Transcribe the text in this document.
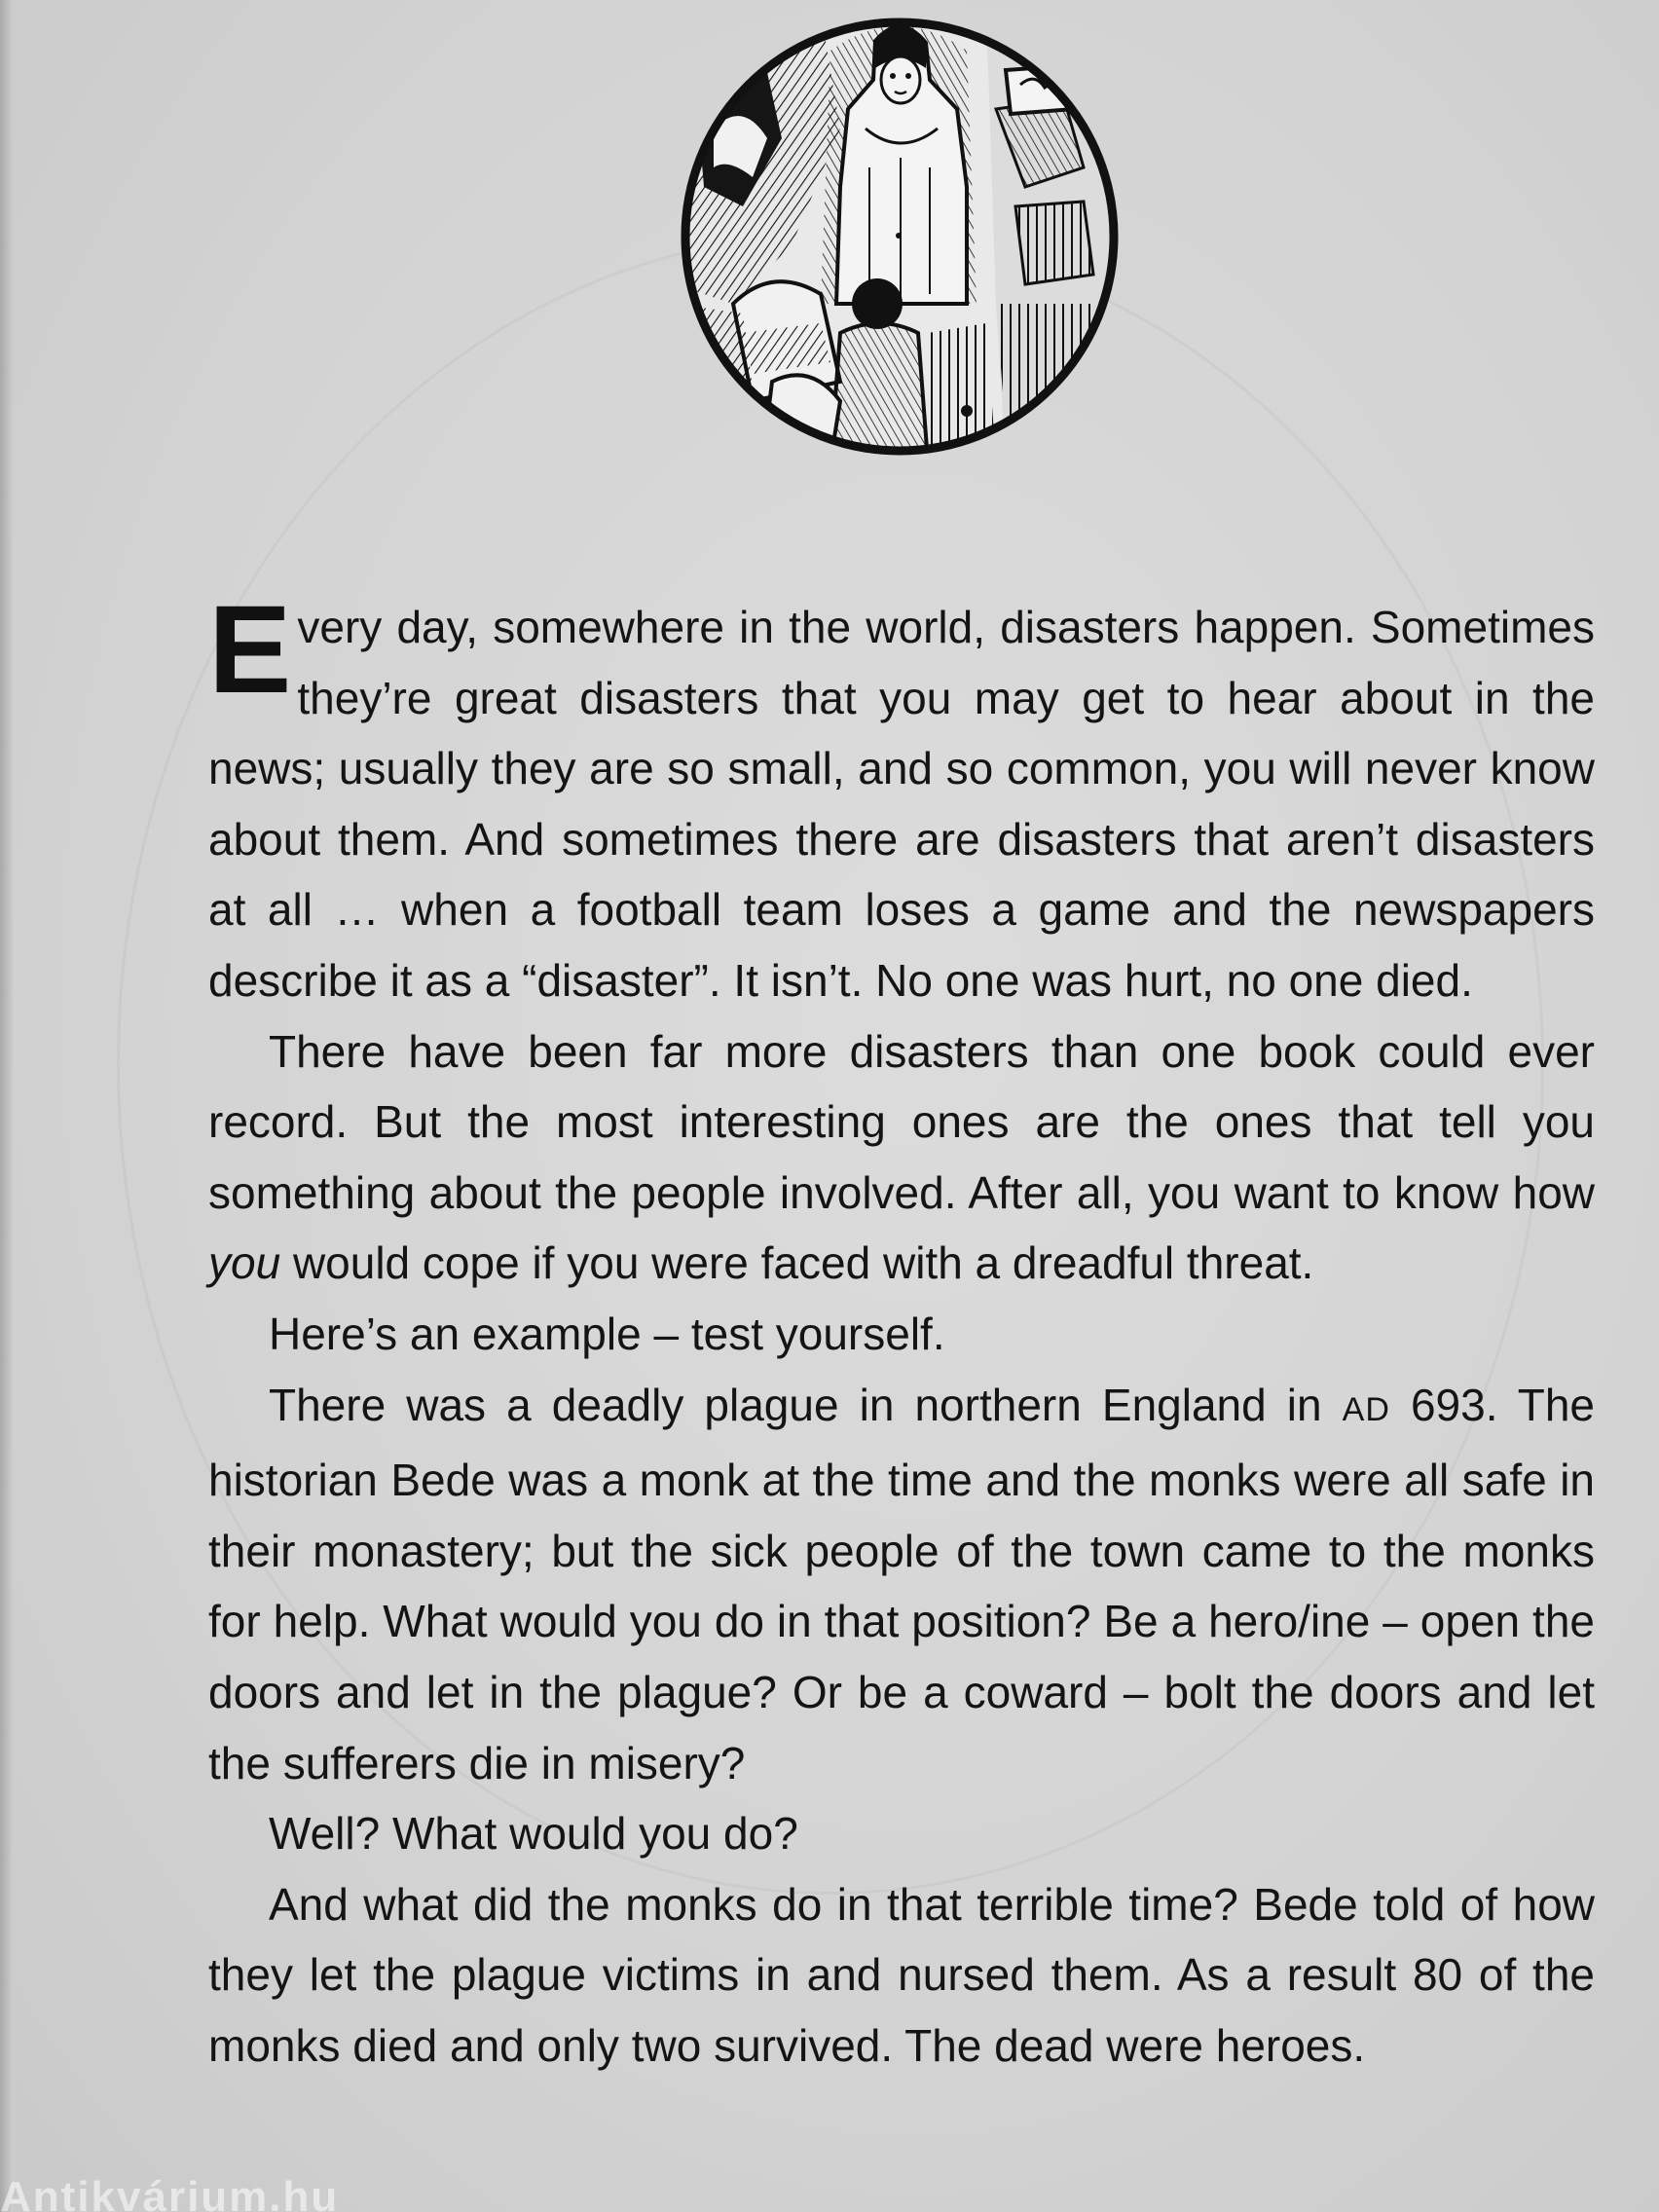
Every day, somewhere in the world, disasters happen. Sometimes they’re great disasters that you may get to hear about in the news; usually they are so small, and so common, you will never know about them. And sometimes there are disasters that aren’t disasters at all … when a football team loses a game and the newspapers describe it as a “disaster”. It isn’t. No one was hurt, no one died.

There have been far more disasters than one book could ever record. But the most interesting ones are the ones that tell you something about the people involved. After all, you want to know how you would cope if you were faced with a dreadful threat.

Here’s an example – test yourself.

There was a deadly plague in northern England in AD 693. The historian Bede was a monk at the time and the monks were all safe in their monastery; but the sick people of the town came to the monks for help. What would you do in that position? Be a hero/ine – open the doors and let in the plague? Or be a coward – bolt the doors and let the sufferers die in misery?

Well? What would you do?

And what did the monks do in that terrible time? Bede told of how they let the plague victims in and nursed them. As a result 80 of the monks died and only two survived. The dead were heroes.

Antikvárium.hu
